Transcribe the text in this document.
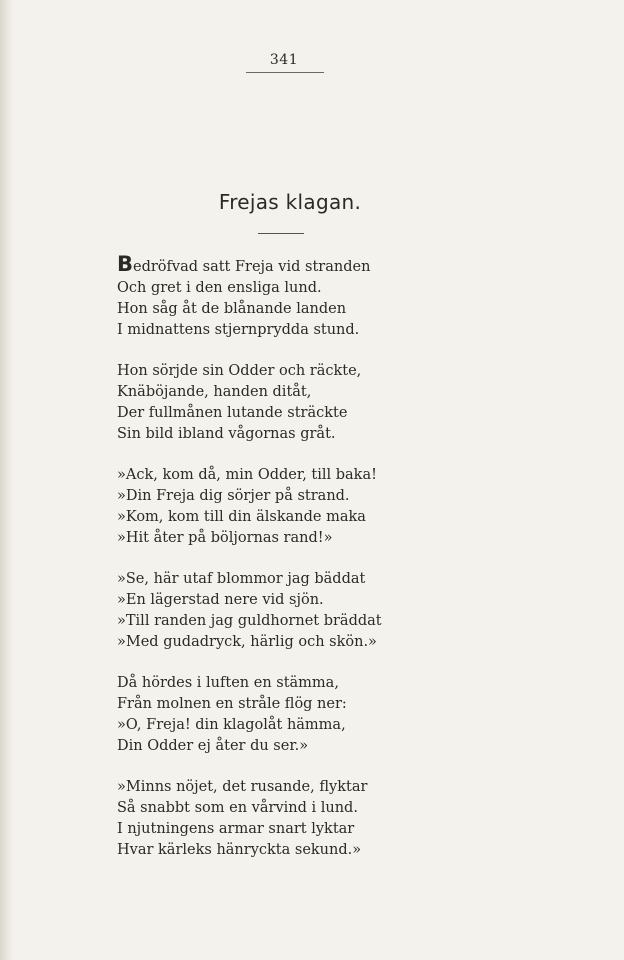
341
Frejas klagan.
Bedröfvad satt Freja vid stranden
Och gret i den ensliga lund.
Hon såg åt de blånande landen
I midnattens stjernprydda stund.
Hon sörjde sin Odder och räckte,
Knäböjande, handen ditåt,
Der fullmånen lutande sträckte
Sin bild ibland vågornas gråt.
»Ack, kom då, min Odder, till baka!
»Din Freja dig sörjer på strand.
»Kom, kom till din älskande maka
»Hit åter på böljornas rand!»
»Se, här utaf blommor jag bäddat
»En lägerstad nere vid sjön.
»Till randen jag guldhornet bräddat
»Med gudadryck, härlig och skön.»
Då hördes i luften en stämma,
Från molnen en stråle flög ner:
»O, Freja! din klagolåt hämma,
Din Odder ej åter du ser.»
»Minns nöjet, det rusande, flyktar
Så snabbt som en vårvind i lund.
I njutningens armar snart lyktar
Hvar kärleks hänryckta sekund.»
